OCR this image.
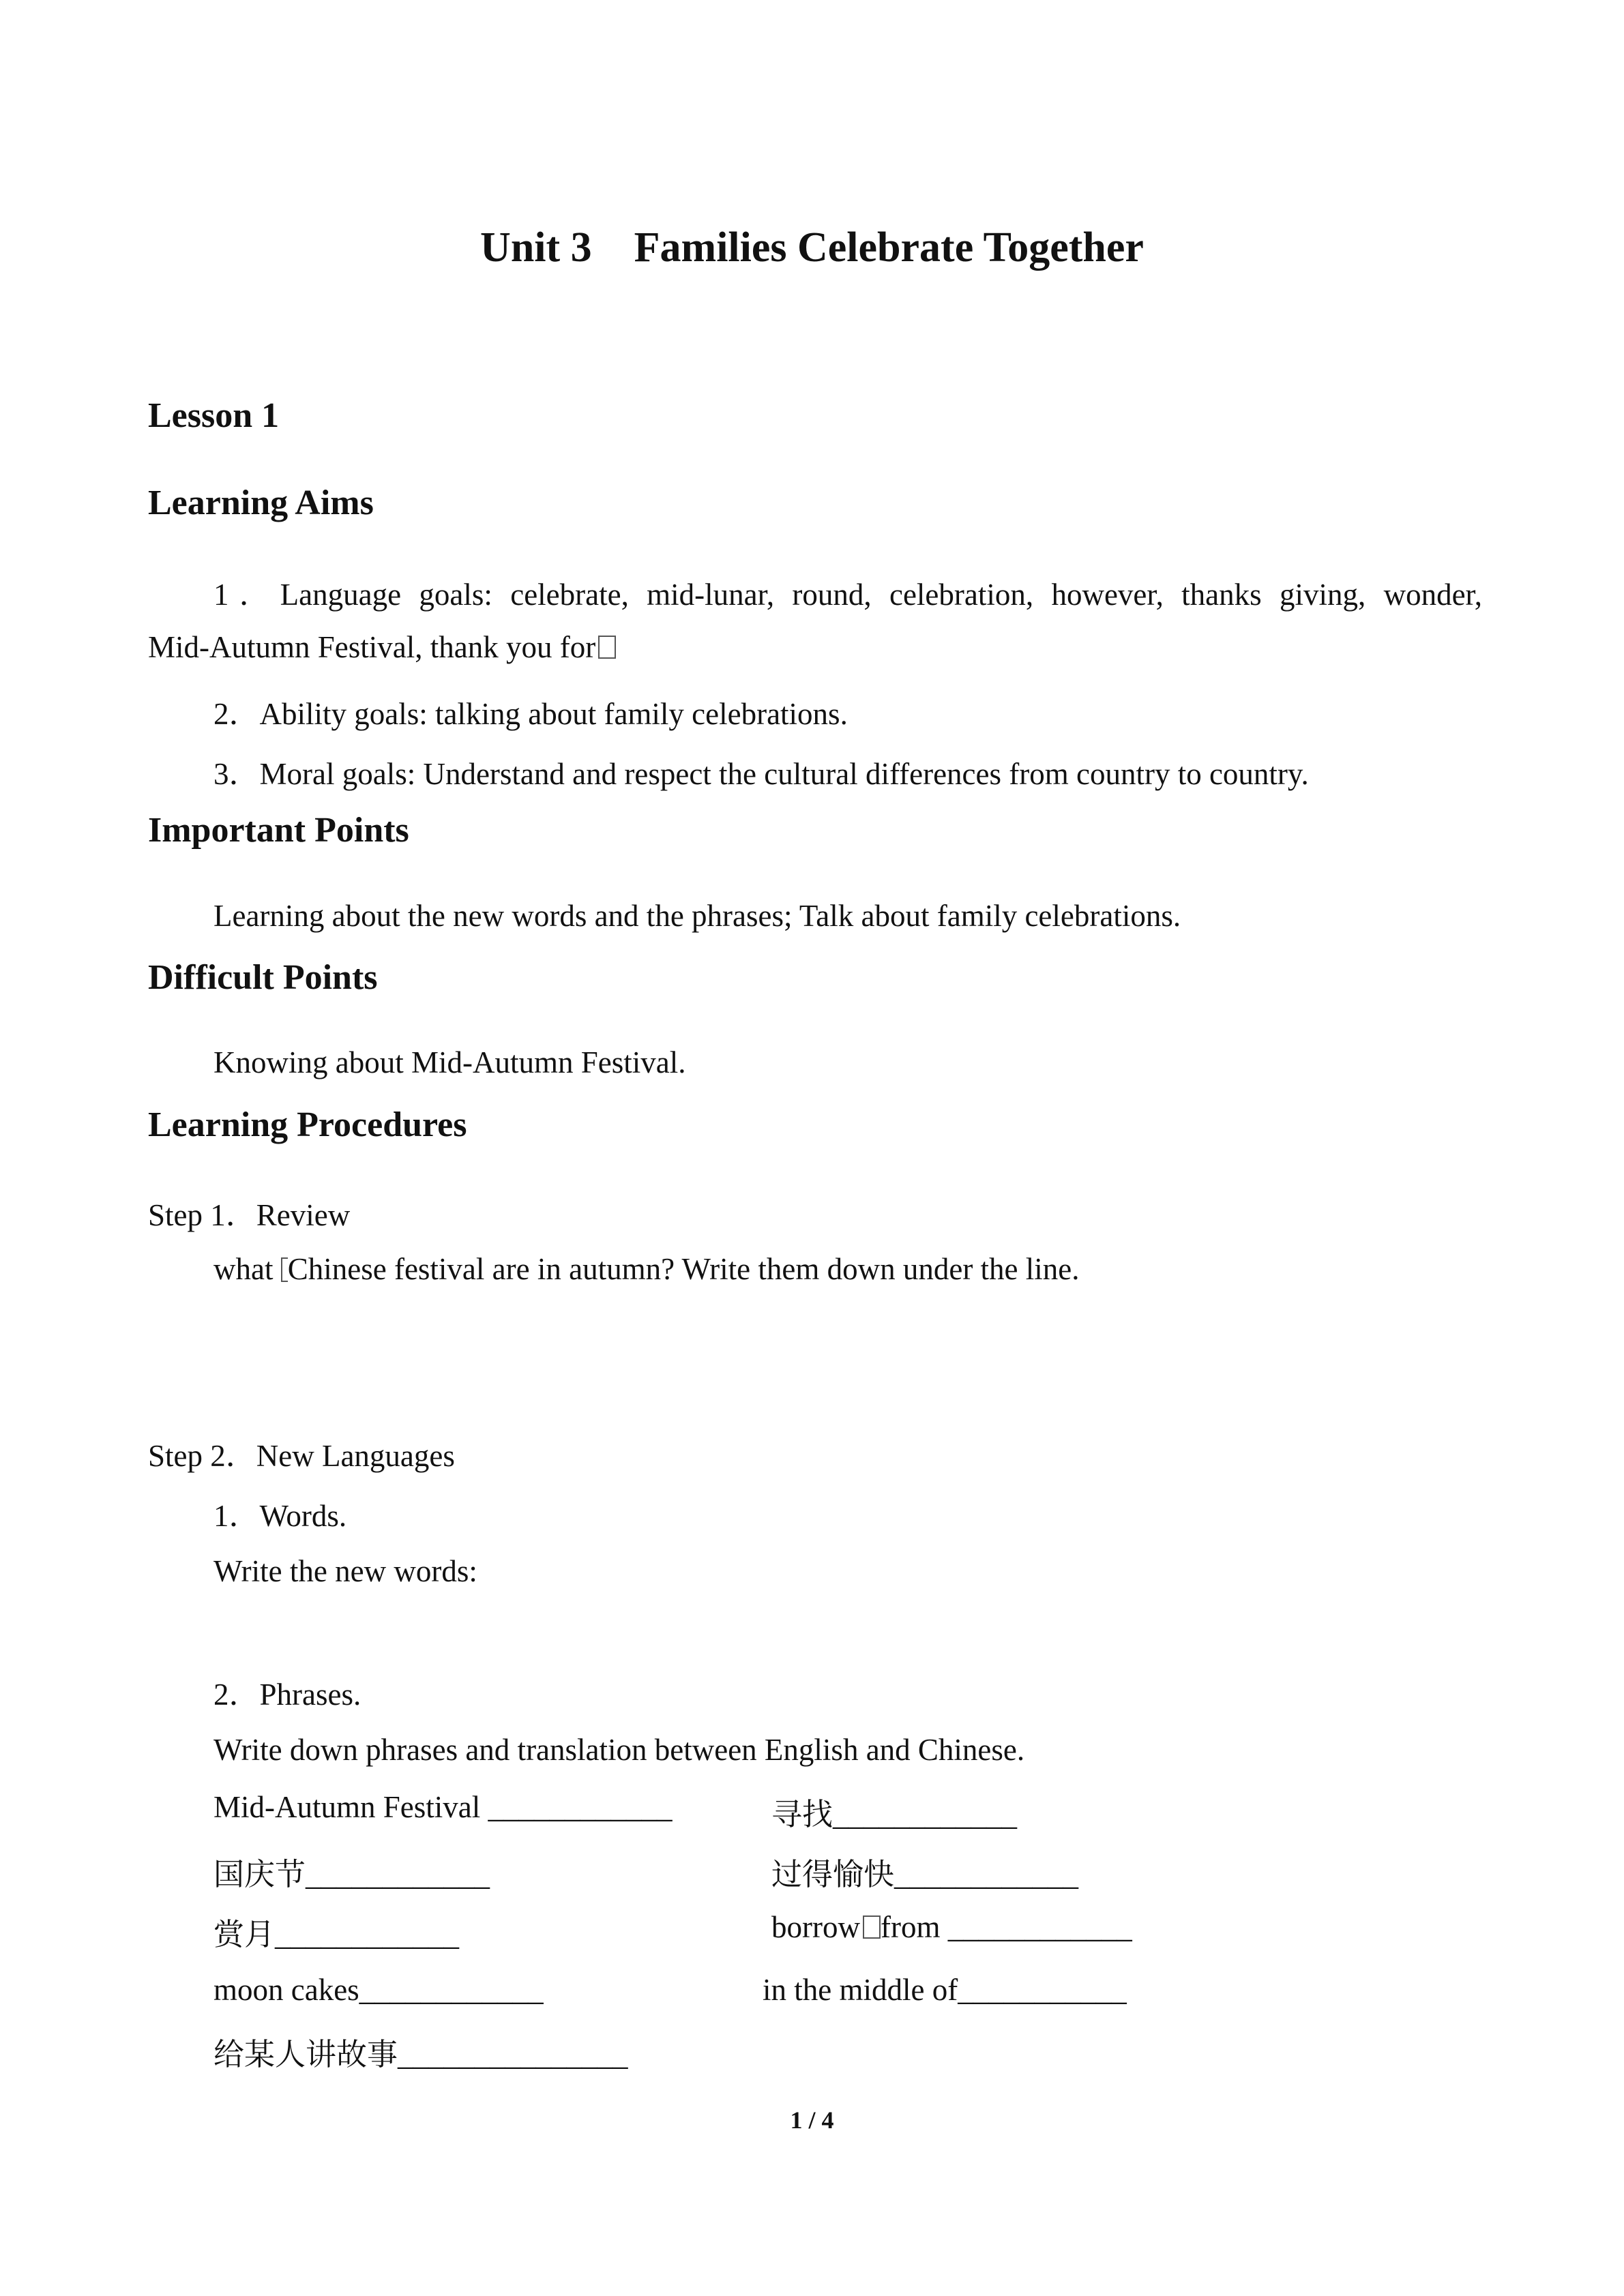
Unit 3　Families Celebrate Together
Lesson 1
Learning Aims
1．Language goals: celebrate, mid-lunar, round, celebration, however, thanks giving, wonder,
Mid-Autumn Festival, thank you for
2．Ability goals: talking about family celebrations.
3．Moral goals: Understand and respect the cultural differences from country to country.
Important Points
Learning about the new words and the phrases; Talk about family celebrations.
Difficult Points
Knowing about Mid-Autumn Festival.
Learning Procedures
Step 1．Review
what Chinese festival are in autumn? Write them down under the line.
Step 2．New Languages
1．Words.
Write the new words:
2．Phrases.
Write down phrases and translation between English and Chinese.
Mid-Autumn Festival ____________	寻找____________
国庆节____________	过得愉快____________
赏月____________	borrow from ____________
moon cakes____________	in the middle of___________
给某人讲故事_______________
1 / 4
